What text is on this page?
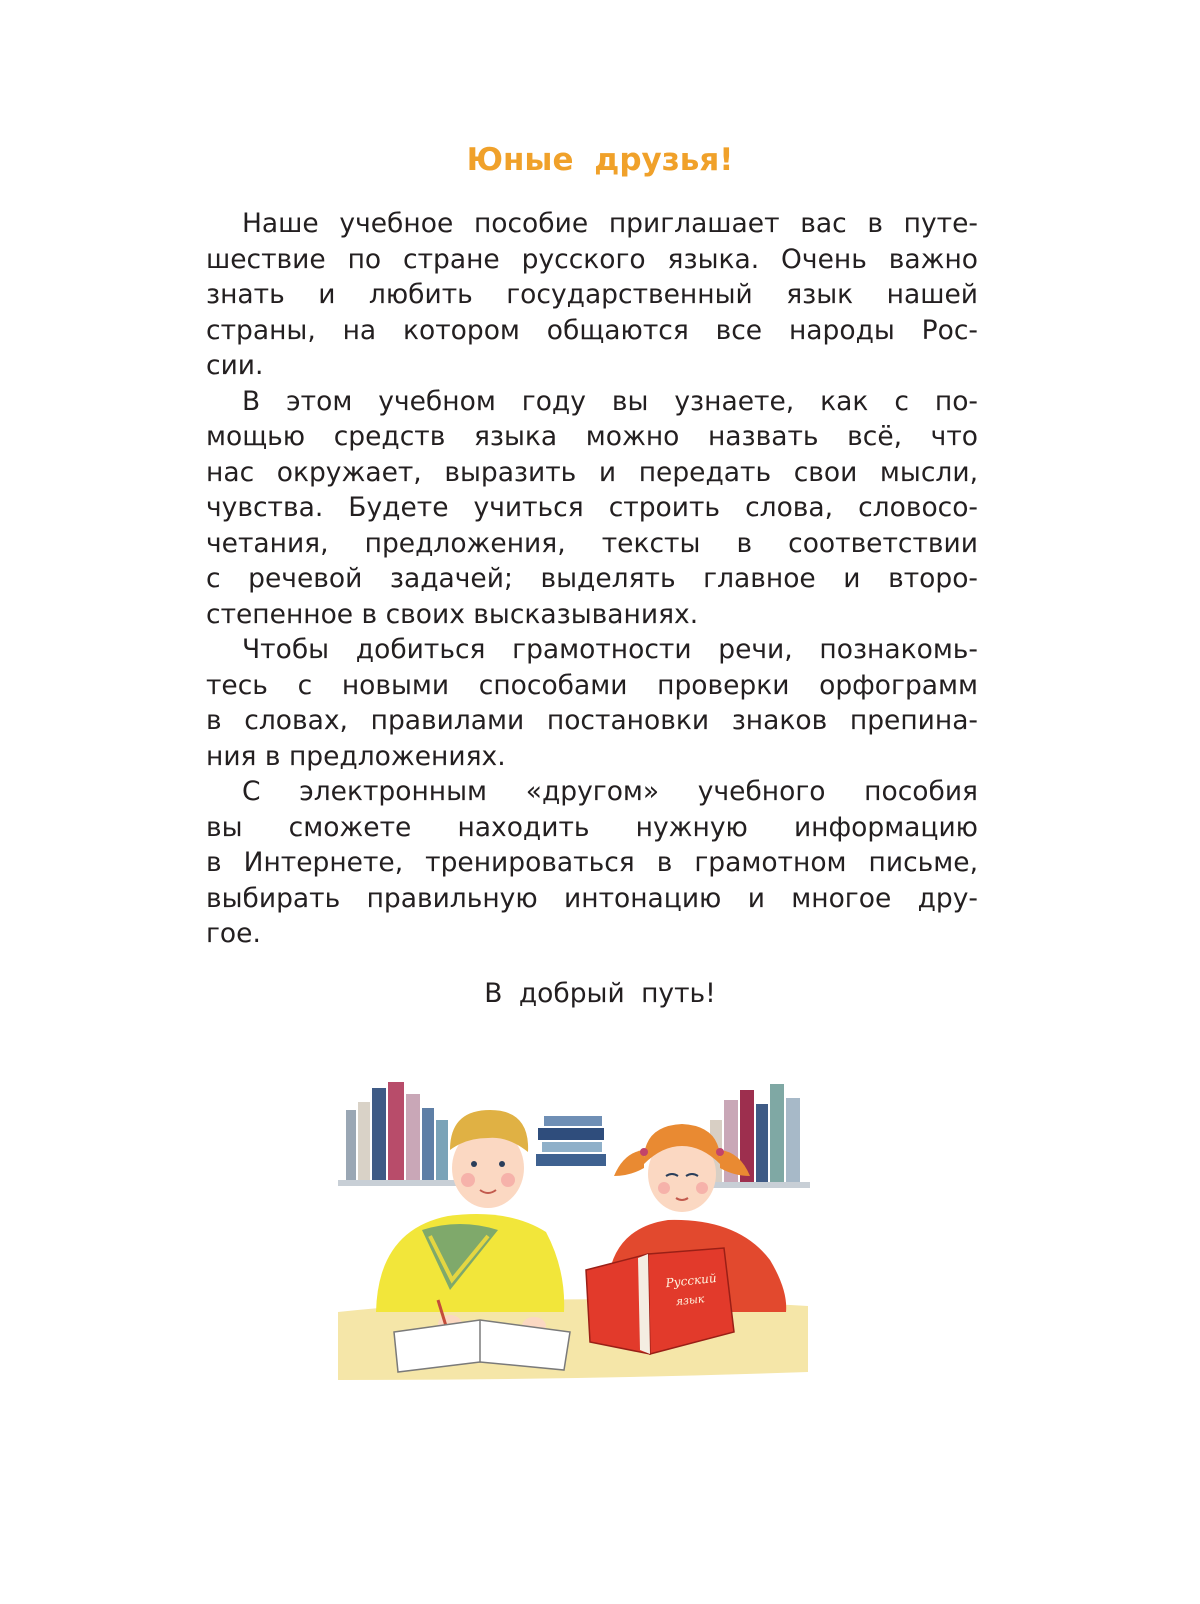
Юные друзья!

Наше учебное пособие приглашает вас в путе-
шествие по стране русского языка. Очень важно
знать и любить государственный язык нашей
страны, на котором общаются все народы Рос-
сии.

В этом учебном году вы узнаете, как с по-
мощью средств языка можно назвать всё, что
нас окружает, выразить и передать свои мысли,
чувства. Будете учиться строить слова, словосо-
четания, предложения, тексты в соответствии
с речевой задачей; выделять главное и второ-
степенное в своих высказываниях.

Чтобы добиться грамотности речи, познакомь-
тесь с новыми способами проверки орфограмм
в словах, правилами постановки знаков препина-
ния в предложениях.

С электронным «другом» учебного пособия
вы сможете находить нужную информацию
в Интернете, тренироваться в грамотном письме,
выбирать правильную интонацию и многое дру-
гое.

В добрый путь!

Русский
язык
